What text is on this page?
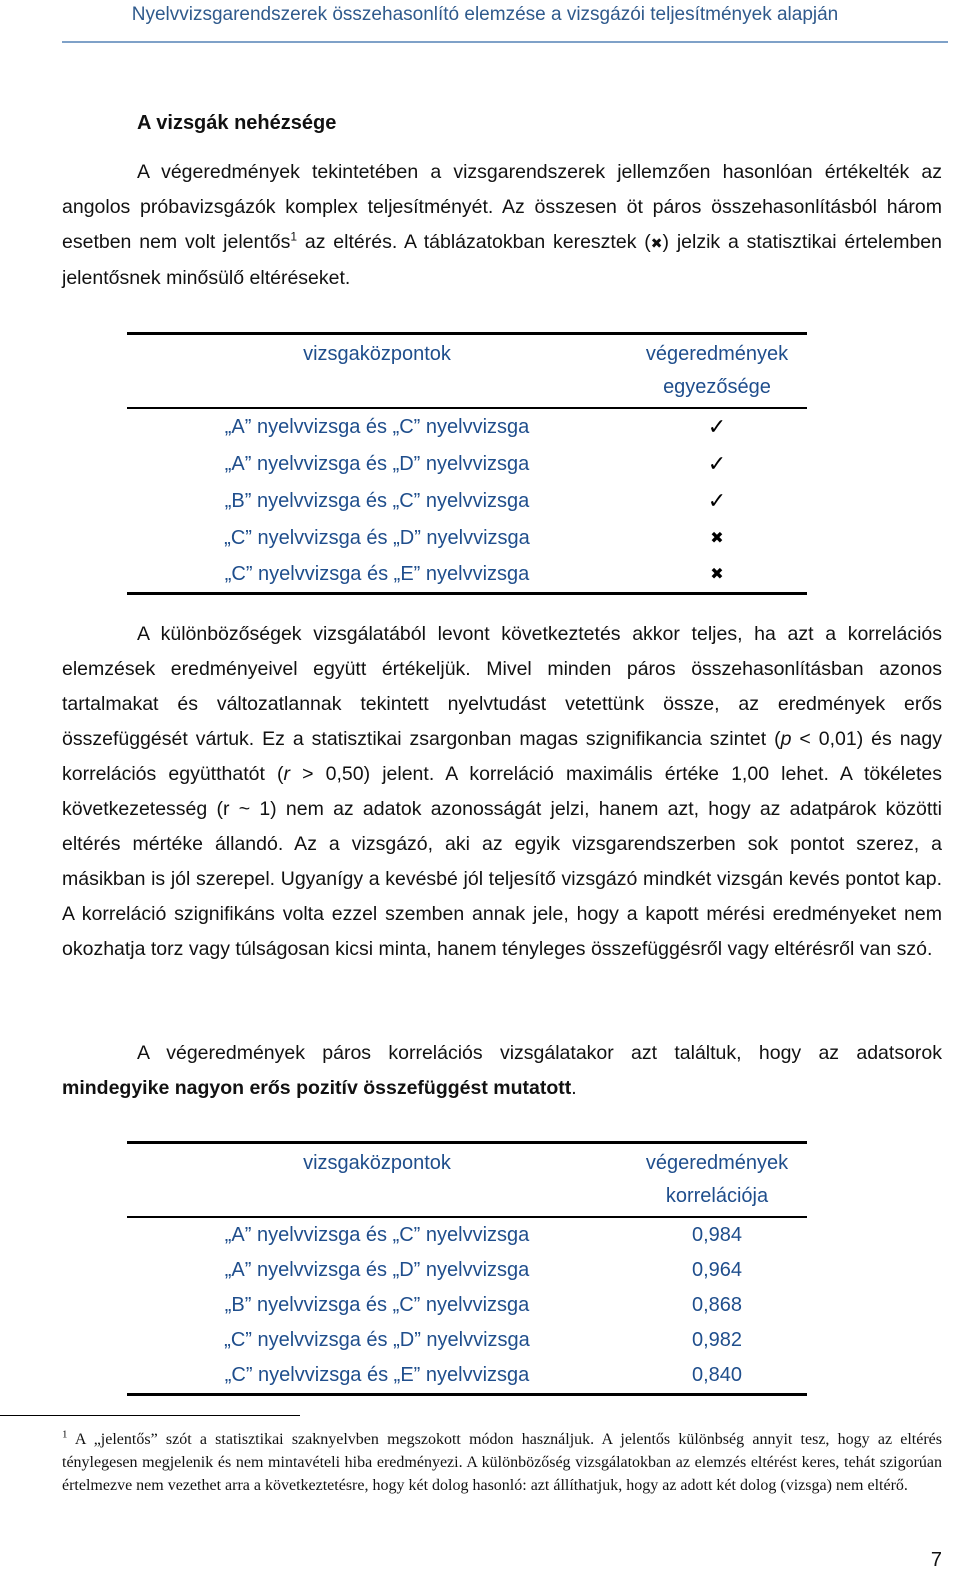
Nyelvvizsgarendszerek összehasonlító elemzése a vizsgázói teljesítmények alapján
A vizsgák nehézsége

A végeredmények tekintetében a vizsgarendszerek jellemzően hasonlóan értékelték az angolos próbavizsgázók komplex teljesítményét. Az összesen öt páros összehasonlításból három esetben nem volt jelentős$^1$ az eltérés. A táblázatokban keresztek (✖) jelzik a statisztikai értelemben jelentősnek minősülő eltéréseket.

vizsgaközpontok	végeredmények
egyezősége
„A” nyelvvizsga és „C” nyelvvizsga	✓
„A” nyelvvizsga és „D” nyelvvizsga	✓
„B” nyelvvizsga és „C” nyelvvizsga	✓
„C” nyelvvizsga és „D” nyelvvizsga	✖
„C” nyelvvizsga és „E” nyelvvizsga	✖

A különbözőségek vizsgálatából levont következtetés akkor teljes, ha azt a korrelációs elemzések eredményeivel együtt értékeljük. Mivel minden páros összehasonlításban azonos tartalmakat és változatlannak tekintett nyelvtudást vetettünk össze, az eredmények erős összefüggését vártuk. Ez a statisztikai zsargonban magas szignifikancia szintet (p < 0,01) és nagy korrelációs együtthatót (r > 0,50) jelent. A korreláció maximális értéke 1,00 lehet. A tökéletes következetesség (r ~ 1) nem az adatok azonosságát jelzi, hanem azt, hogy az adatpárok közötti eltérés mértéke állandó. Az a vizsgázó, aki az egyik vizsgarendszerben sok pontot szerez, a másikban is jól szerepel. Ugyanígy a kevésbé jól teljesítő vizsgázó mindkét vizsgán kevés pontot kap. A korreláció szignifikáns volta ezzel szemben annak jele, hogy a kapott mérési eredményeket nem okozhatja torz vagy túlságosan kicsi minta, hanem tényleges összefüggésről vagy eltérésről van szó.

A végeredmények páros korrelációs vizsgálatakor azt találtuk, hogy az adatsorok mindegyike nagyon erős pozitív összefüggést mutatott.

vizsgaközpontok	végeredmények
korrelációja
„A” nyelvvizsga és „C” nyelvvizsga	0,984
„A” nyelvvizsga és „D” nyelvvizsga	0,964
„B” nyelvvizsga és „C” nyelvvizsga	0,868
„C” nyelvvizsga és „D” nyelvvizsga	0,982
„C” nyelvvizsga és „E” nyelvvizsga	0,840

$^1$ A „jelentős” szót a statisztikai szaknyelvben megszokott módon használjuk. A jelentős különbség annyit tesz, hogy az eltérés ténylegesen megjelenik és nem mintavételi hiba eredményezi. A különbözőség vizsgálatokban az elemzés eltérést keres, tehát szigorúan értelmezve nem vezethet arra a következtetésre, hogy két dolog hasonló: azt állíthatjuk, hogy az adott két dolog (vizsga) nem eltérő.

7
